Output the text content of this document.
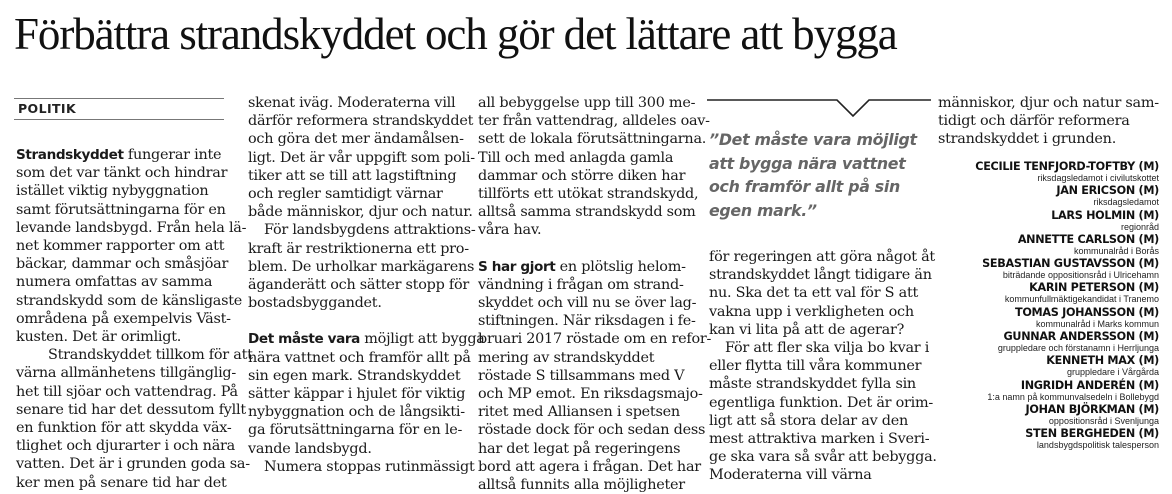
Förbättra strandskyddet och gör det lättare att bygga
POLITIK

Strandskyddet fungerar inte
som det var tänkt och hindrar
istället viktig nybyggnation
samt förutsättningarna för en
levande landsbygd. Från hela lä-
net kommer rapporter om att
bäckar, dammar och småsjöar
numera omfattas av samma
strandskydd som de känsligaste
områdena på exempelvis Väst-
kusten. Det är orimligt.

Strandskyddet tillkom för att
värna allmänhetens tillgänglig-
het till sjöar och vattendrag. På
senare tid har det dessutom fyllt
en funktion för att skydda väx-
tlighet och djurarter i och nära
vatten. Det är i grunden goda sa-
ker men på senare tid har det

skenat iväg. Moderaterna vill
därför reformera strandskyddet
och göra det mer ändamålsen-
ligt. Det är vår uppgift som poli-
tiker att se till att lagstiftning
och regler samtidigt värnar
både människor, djur och natur.

För landsbygdens attraktions-
kraft är restriktionerna ett pro-
blem. De urholkar markägarens
äganderätt och sätter stopp för
bostadsbyggandet.

Det måste vara möjligt att bygga
nära vattnet och framför allt på
sin egen mark. Strandskyddet
sätter käppar i hjulet för viktig
nybyggnation och de långsikti-
ga förutsättningarna för en le-
vande landsbygd.

Numera stoppas rutinmässigt

all bebyggelse upp till 300 me-
ter från vattendrag, alldeles oav-
sett de lokala förutsättningarna.
Till och med anlagda gamla
dammar och större diken har
tillförts ett utökat strandskydd,
alltså samma strandskydd som
våra hav.

S har gjort en plötslig helom-
vändning i frågan om strand-
skyddet och vill nu se över lag-
stiftningen. När riksdagen i fe-
bruari 2017 röstade om en refor-
mering av strandskyddet
röstade S tillsammans med V
och MP emot. En riksdagsmajo-
ritet med Alliansen i spetsen
röstade dock för och sedan dess
har det legat på regeringens
bord att agera i frågan. Det har
alltså funnits alla möjligheter

”Det måste vara möjligt
att bygga nära vattnet
och framför allt på sin
egen mark.”

för regeringen att göra något åt
strandskyddet långt tidigare än
nu. Ska det ta ett val för S att
vakna upp i verkligheten och
kan vi lita på att de agerar?

För att fler ska vilja bo kvar i
eller flytta till våra kommuner
måste strandskyddet fylla sin
egentliga funktion. Det är orim-
ligt att så stora delar av den
mest attraktiva marken i Sveri-
ge ska vara så svår att bebygga.
Moderaterna vill värna

människor, djur och natur sam-
tidigt och därför reformera
strandskyddet i grunden.

CECILIE TENFJORD-TOFTBY (M)
riksdagsledamot i civilutskottet
JAN ERICSON (M)
riksdagsledamot
LARS HOLMIN (M)
regionråd
ANNETTE CARLSON (M)
kommunalråd i Borås
SEBASTIAN GUSTAVSSON (M)
biträdande oppositionsråd i Ulricehamn
KARIN PETERSON (M)
kommunfullmäktigekandidat i Tranemo
TOMAS JOHANSSON (M)
kommunalråd i Marks kommun
GUNNAR ANDERSSON (M)
gruppledare och förstanamn i Herrljunga
KENNETH MAX (M)
gruppledare i Vårgårda
INGRIDH ANDERÉN (M)
1:a namn på kommunvalsedeln i Bollebygd
JOHAN BJÖRKMAN (M)
oppositionsråd i Svenljunga
STEN BERGHEDEN (M)
landsbygdspolitisk talesperson
